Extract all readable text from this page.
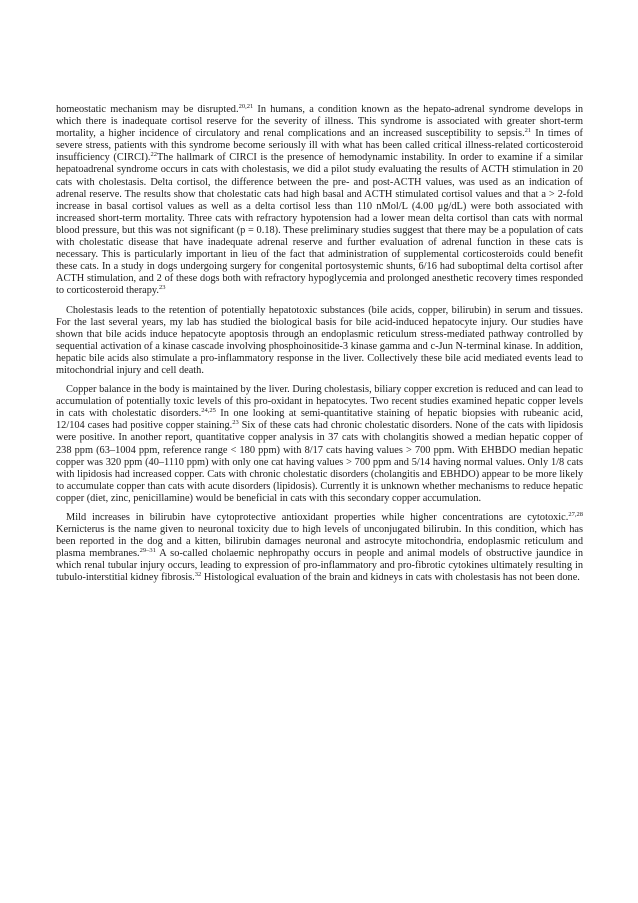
homeostatic mechanism may be disrupted.$^{20,21}$ In humans, a condition known as the hepato-adrenal syndrome develops in which there is inadequate cortisol reserve for the severity of illness. This syndrome is associated with greater short-term mortality, a higher incidence of circulatory and renal complications and an increased susceptibility to sepsis.$^{21}$ In times of severe stress, patients with this syndrome become seriously ill with what has been called critical illness-related corticosteroid insufficiency (CIRCI).$^{22}$The hallmark of CIRCI is the presence of hemodynamic instability. In order to examine if a similar hepatoadrenal syndrome occurs in cats with cholestasis, we did a pilot study evaluating the results of ACTH stimulation in 20 cats with cholestasis. Delta cortisol, the difference between the pre- and post-ACTH values, was used as an indication of adrenal reserve. The results show that cholestatic cats had high basal and ACTH stimulated cortisol values and that a > 2-fold increase in basal cortisol values as well as a delta cortisol less than 110 nMol/L (4.00 μg/dL) were both associated with increased short-term mortality. Three cats with refractory hypotension had a lower mean delta cortisol than cats with normal blood pressure, but this was not significant (p = 0.18). These preliminary studies suggest that there may be a population of cats with cholestatic disease that have inadequate adrenal reserve and further evaluation of adrenal function in these cats is necessary. This is particularly important in lieu of the fact that administration of supplemental corticosteroids could benefit these cats. In a study in dogs undergoing surgery for congenital portosystemic shunts, 6/16 had suboptimal delta cortisol after ACTH stimulation, and 2 of these dogs both with refractory hypoglycemia and prolonged anesthetic recovery times responded to corticosteroid therapy.$^{23}$

Cholestasis leads to the retention of potentially hepatotoxic substances (bile acids, copper, bilirubin) in serum and tissues. For the last several years, my lab has studied the biological basis for bile acid-induced hepatocyte injury. Our studies have shown that bile acids induce hepatocyte apoptosis through an endoplasmic reticulum stress-mediated pathway controlled by sequential activation of a kinase cascade involving phosphoinositide-3 kinase gamma and c-Jun N-terminal kinase. In addition, hepatic bile acids also stimulate a pro-inflammatory response in the liver. Collectively these bile acid mediated events lead to mitochondrial injury and cell death.

Copper balance in the body is maintained by the liver. During cholestasis, biliary copper excretion is reduced and can lead to accumulation of potentially toxic levels of this pro-oxidant in hepatocytes. Two recent studies examined hepatic copper levels in cats with cholestatic disorders.$^{24,25}$ In one looking at semi-quantitative staining of hepatic biopsies with rubeanic acid, 12/104 cases had positive copper staining.$^{23}$ Six of these cats had chronic cholestatic disorders. None of the cats with lipidosis were positive. In another report, quantitative copper analysis in 37 cats with cholangitis showed a median hepatic copper of 238 ppm (63–1004 ppm, reference range < 180 ppm) with 8/17 cats having values > 700 ppm. With EHBDO median hepatic copper was 320 ppm (40–1110 ppm) with only one cat having values > 700 ppm and 5/14 having normal values. Only 1/8 cats with lipidosis had increased copper. Cats with chronic cholestatic disorders (cholangitis and EBHDO) appear to be more likely to accumulate copper than cats with acute disorders (lipidosis). Currently it is unknown whether mechanisms to reduce hepatic copper (diet, zinc, penicillamine) would be beneficial in cats with this secondary copper accumulation.

Mild increases in bilirubin have cytoprotective antioxidant properties while higher concentrations are cytotoxic.$^{27,28}$ Kernicterus is the name given to neuronal toxicity due to high levels of unconjugated bilirubin. In this condition, which has been reported in the dog and a kitten, bilirubin damages neuronal and astrocyte mitochondria, endoplasmic reticulum and plasma membranes.$^{29-31}$ A so-called cholaemic nephropathy occurs in people and animal models of obstructive jaundice in which renal tubular injury occurs, leading to expression of pro-inflammatory and pro-fibrotic cytokines ultimately resulting in tubulo-interstitial kidney fibrosis.$^{32}$ Histological evaluation of the brain and kidneys in cats with cholestasis has not been done.
